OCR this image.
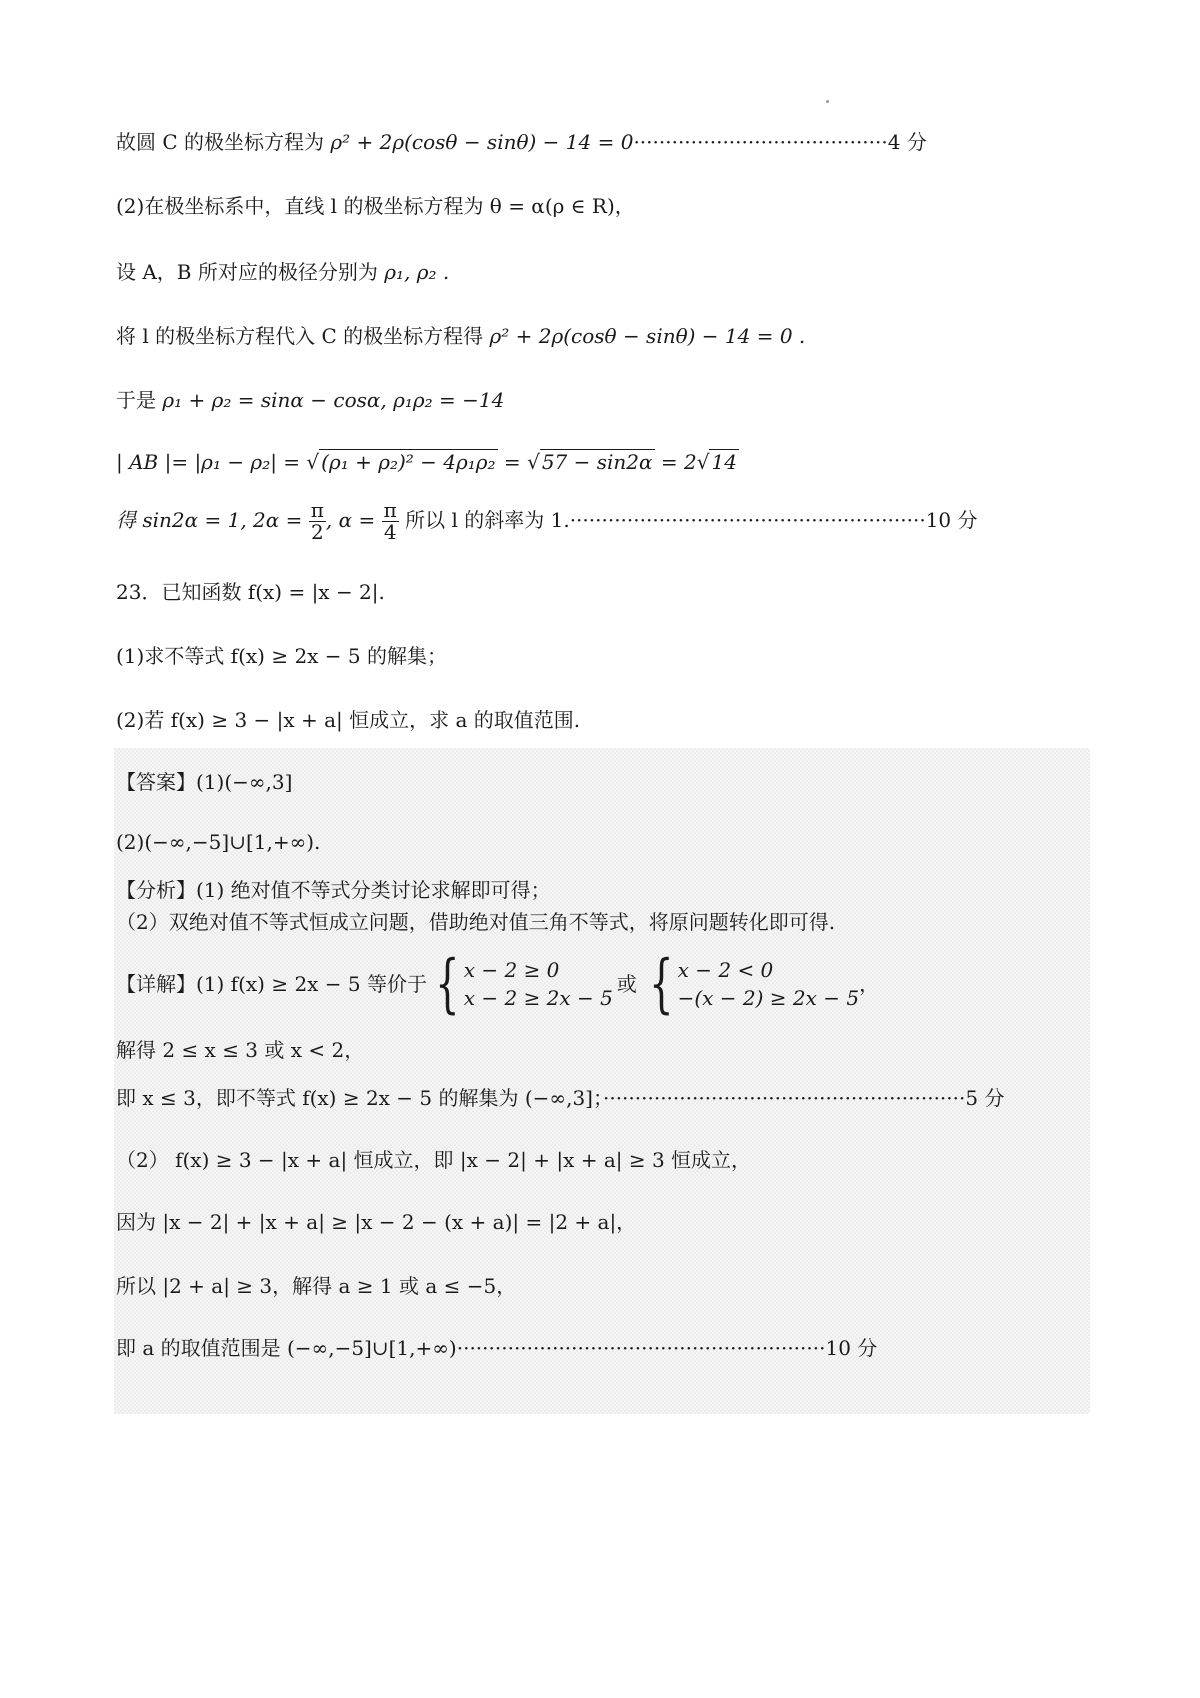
故圆 C 的极坐标方程为 ρ² + 2ρ(cosθ − sinθ) − 14 = 0········································4 分
(2)在极坐标系中，直线 l 的极坐标方程为 θ = α(ρ ∈ R)，
设 A，B 所对应的极径分别为 ρ₁, ρ₂ .
将 l 的极坐标方程代入 C 的极坐标方程得 ρ² + 2ρ(cosθ − sinθ) − 14 = 0 .
于是 ρ₁ + ρ₂ = sinα − cosα, ρ₁ρ₂ = −14
| AB |= |ρ₁ − ρ₂| = √ (ρ₁ + ρ₂)² − 4ρ₁ρ₂ = √ 57 − sin2α = 2√ 14
得 sin2α = 1, $2\alpha = \frac{\pi}{2}$ , $\alpha = \frac{\pi}{4}$ 所以 l 的斜率为 1.························································10 分
23．已知函数 f(x) = |x − 2|.
(1)求不等式 f(x) ≥ 2x − 5 的解集；
(2)若 f(x) ≥ 3 − |x + a| 恒成立，求 a 的取值范围.
【答案】(1)(−∞,3]
(2)(−∞,−5]∪[1,+∞).
【分析】(1) 绝对值不等式分类讨论求解即可得；
（2）双绝对值不等式恒成立问题，借助绝对值三角不等式，将原问题转化即可得.
【详解】(1) f(x) ≥ 2x − 5 等价于 { x − 2 ≥ 0
x − 2 ≥ 2x − 5
或 { x − 2 < 0
−(x − 2) ≥ 2x − 5
，
解得 2 ≤ x ≤ 3 或 x < 2，
即 x ≤ 3，即不等式 f(x) ≥ 2x − 5 的解集为 (−∞,3]；·························································5 分
（2） f(x) ≥ 3 − |x + a| 恒成立，即 |x − 2| + |x + a| ≥ 3 恒成立，
因为 |x − 2| + |x + a| ≥ |x − 2 − (x + a)| = |2 + a|，
所以 |2 + a| ≥ 3，解得 a ≥ 1 或 a ≤ −5，
即 a 的取值范围是 (−∞,−5]∪[1,+∞)··························································10 分
